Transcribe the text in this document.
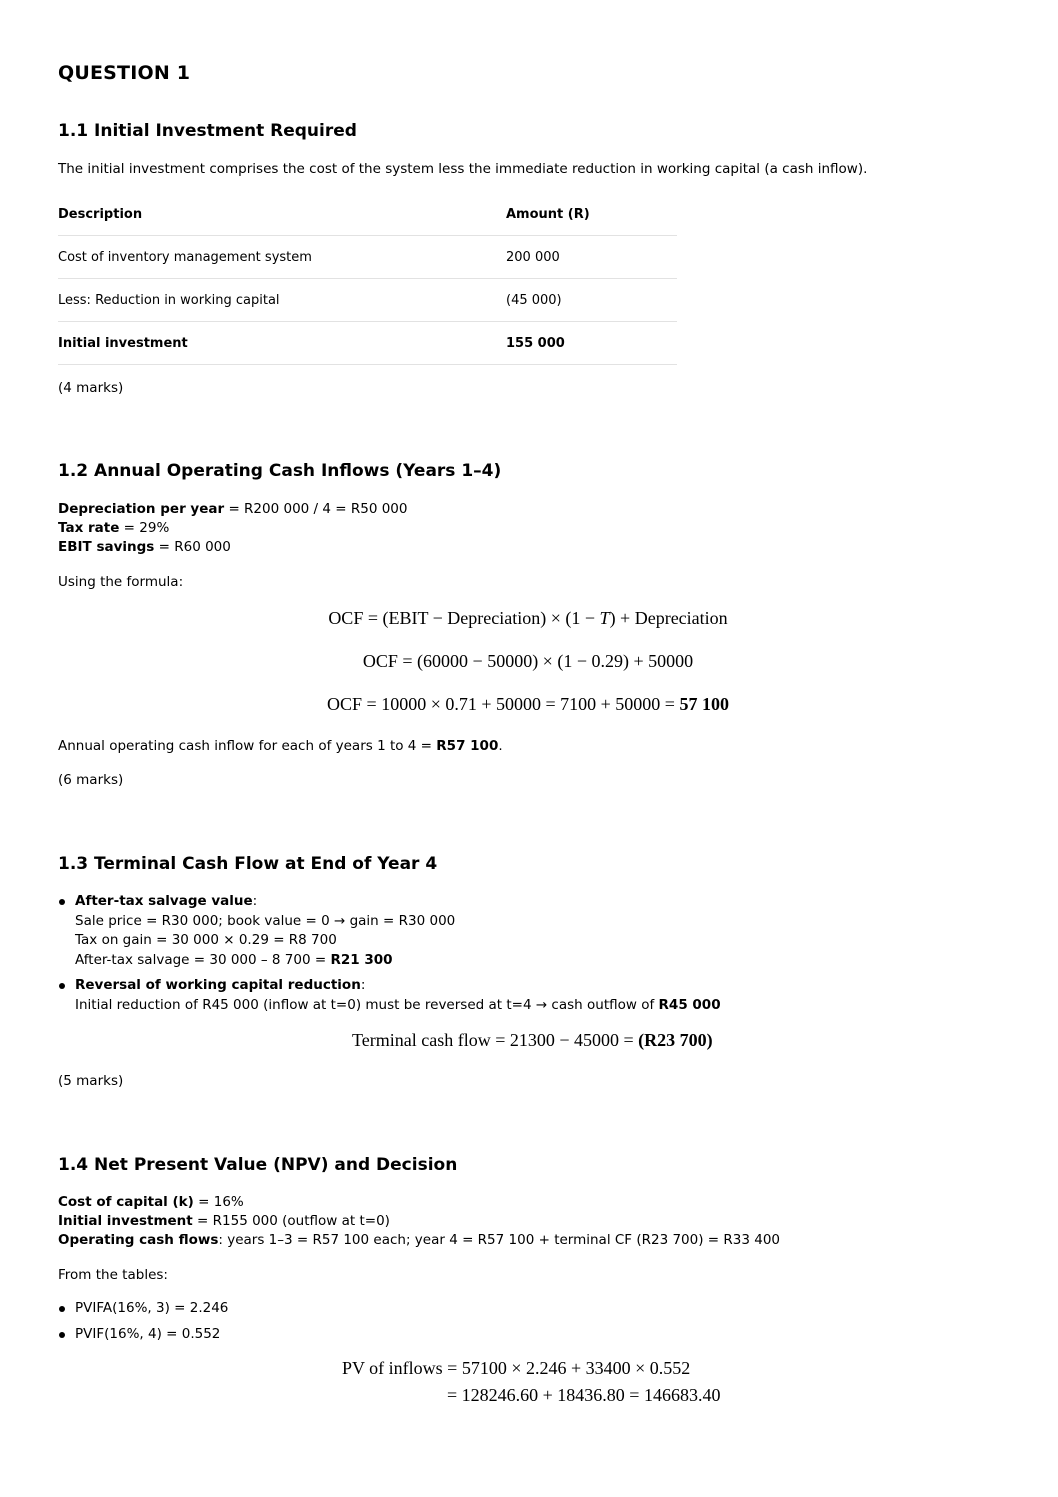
QUESTION 1
1.1 Initial Investment Required

The initial investment comprises the cost of the system less the immediate reduction in working capital (a cash inflow).

Description	Amount (R)
Cost of inventory management system	200 000
Less: Reduction in working capital	(45 000)
Initial investment	155 000

(4 marks)

1.2 Annual Operating Cash Inflows (Years 1–4)
Depreciation per year = R200 000 / 4 = R50 000
Tax rate = 29%
EBIT savings = R60 000

Using the formula:

OCF = (EBIT − Depreciation) × (1 − T) + Depreciation
OCF = (60000 − 50000) × (1 − 0.29) + 50000
OCF = 10000 × 0.71 + 50000 = 7100 + 50000 = 57 100
Annual operating cash inflow for each of years 1 to 4 = R57 100.

(6 marks)

1.3 Terminal Cash Flow at End of Year 4
After-tax salvage value:
Sale price = R30 000; book value = 0 → gain = R30 000
Tax on gain = 30 000 × 0.29 = R8 700
After-tax salvage = 30 000 – 8 700 = R21 300
Reversal of working capital reduction:
Initial reduction of R45 000 (inflow at t=0) must be reversed at t=4 → cash outflow of R45 000
Terminal cash flow = 21300 − 45000 = (R23 700)

(5 marks)

1.4 Net Present Value (NPV) and Decision
Cost of capital (k) = 16%
Initial investment = R155 000 (outflow at t=0)
Operating cash flows: years 1–3 = R57 100 each; year 4 = R57 100 + terminal CF (R23 700) = R33 400

From the tables:

PVIFA(16%, 3) = 2.246
PVIF(16%, 4) = 0.552
PV of inflows = 57100 × 2.246 + 33400 × 0.552
= 128246.60 + 18436.80 = 146683.40
